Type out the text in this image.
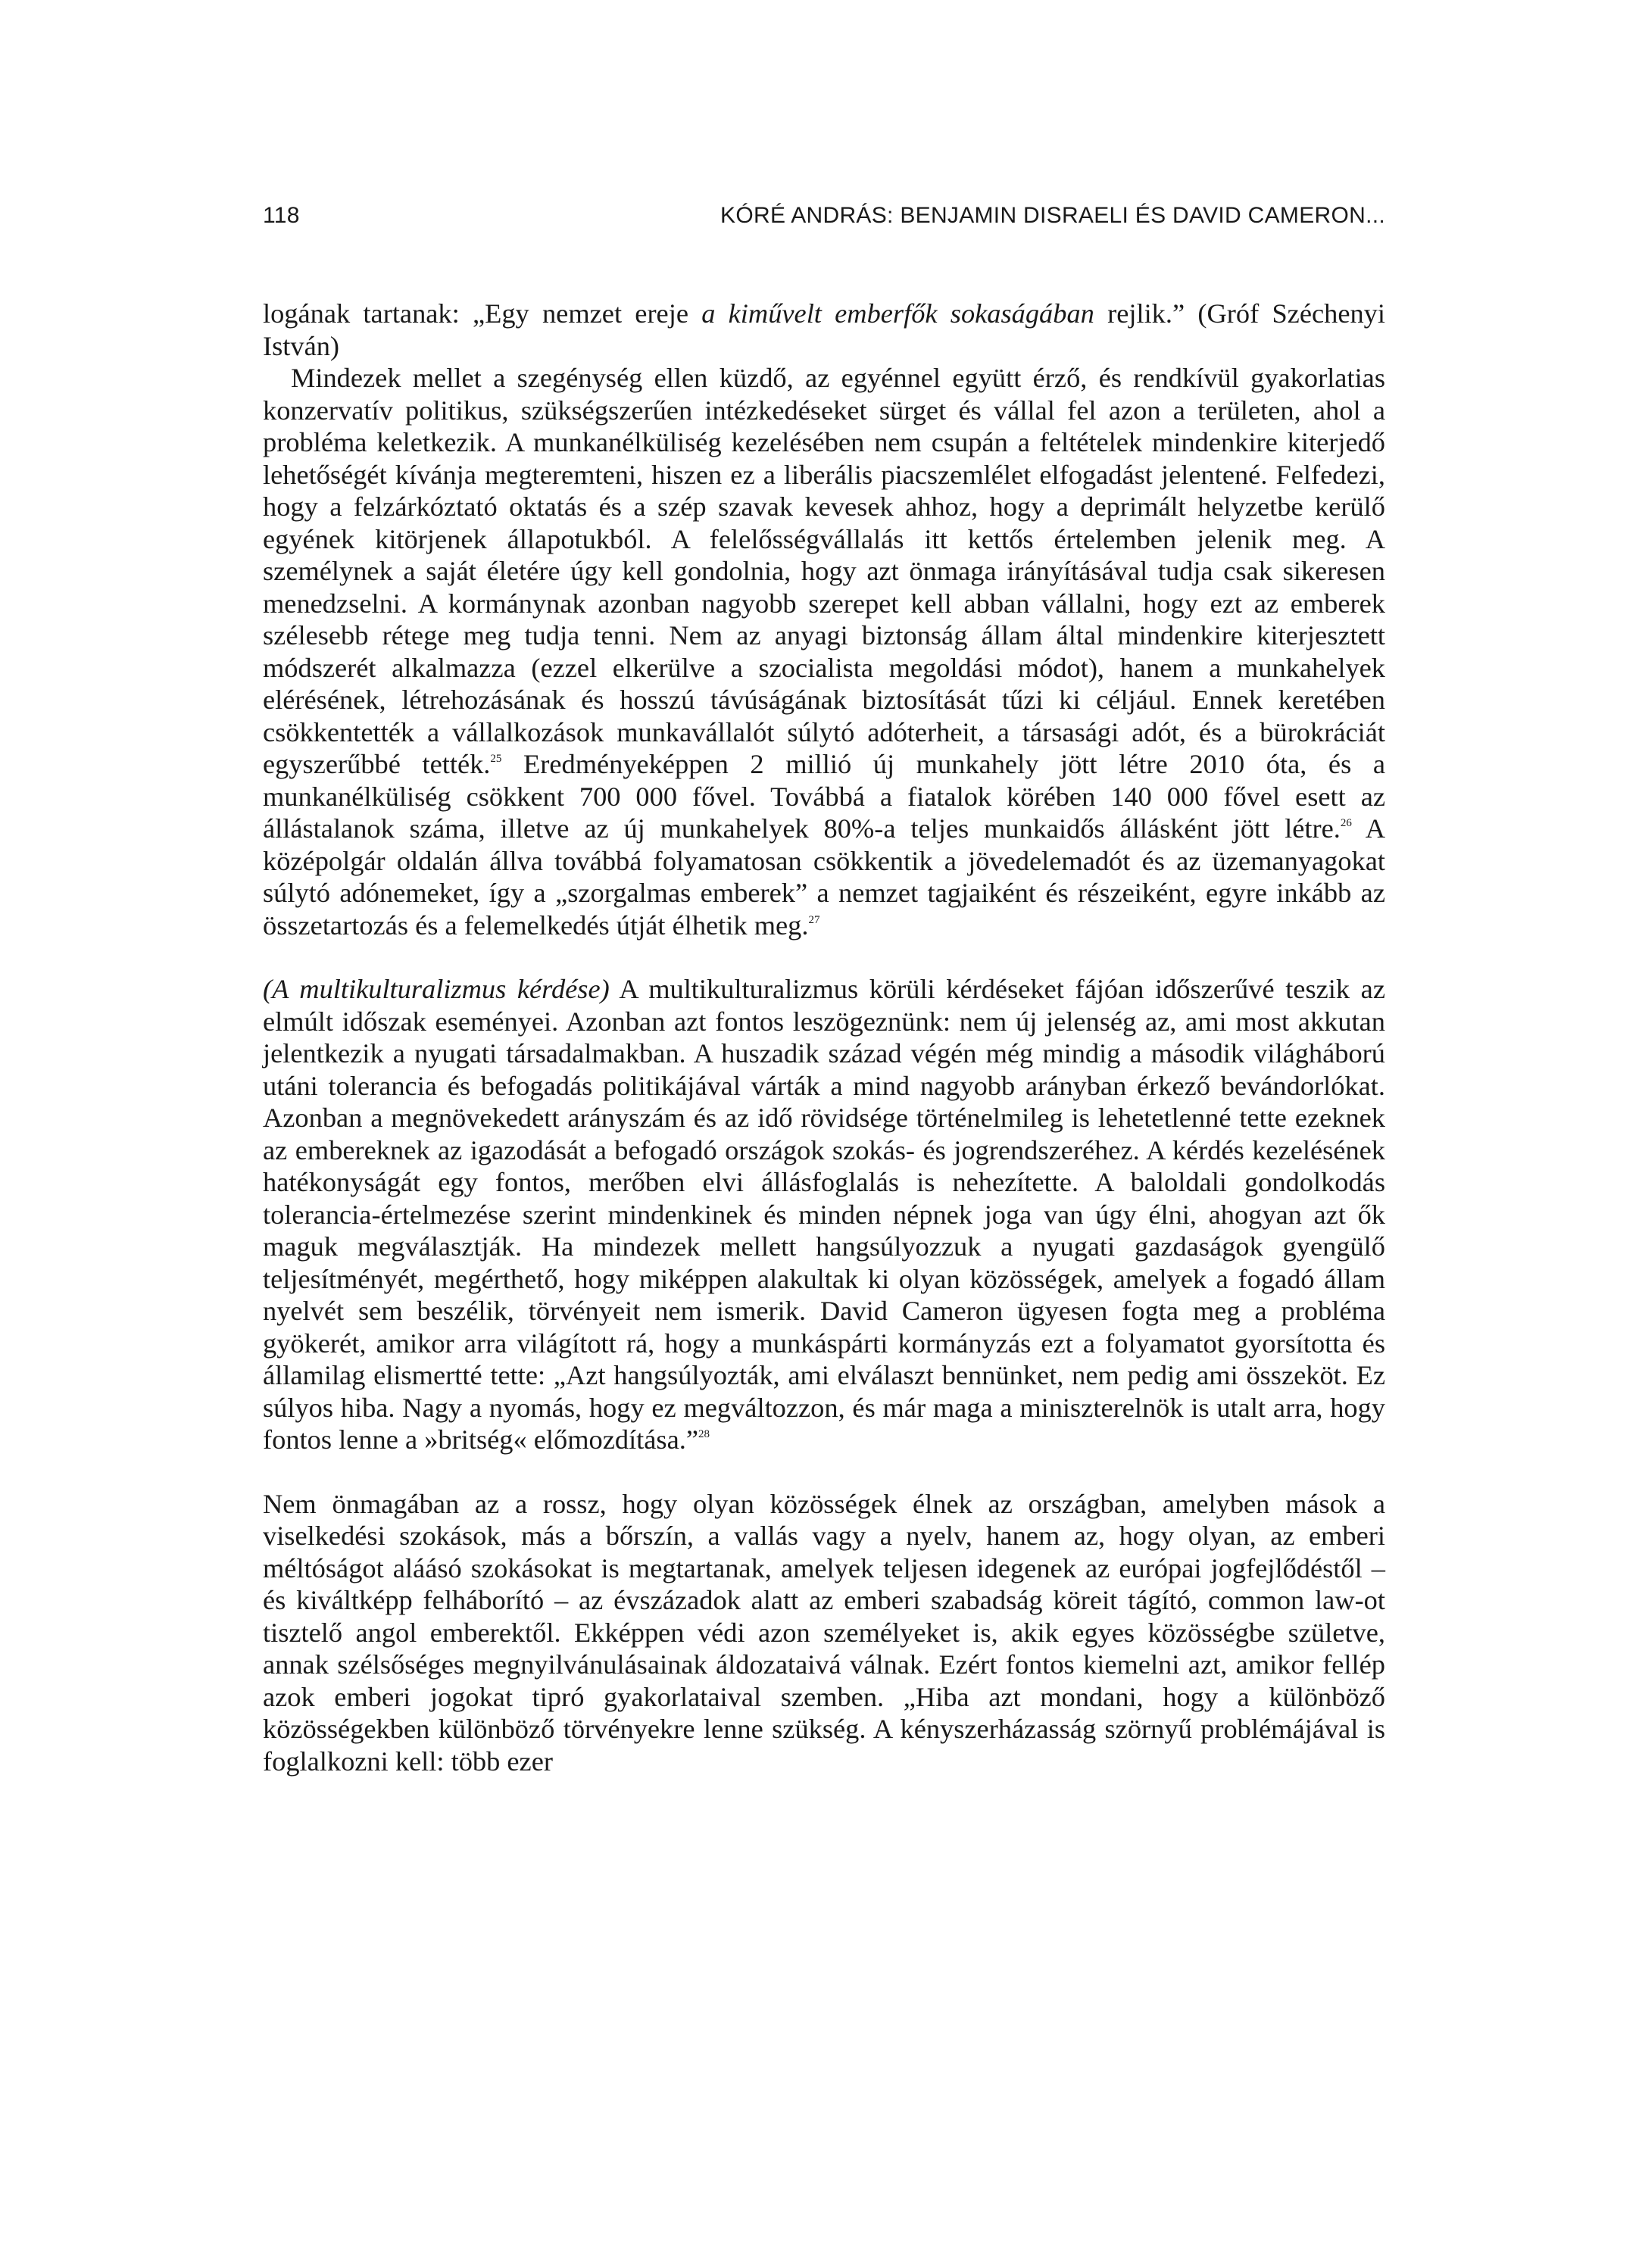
118	KÓRÉ ANDRÁS: BENJAMIN DISRAELI ÉS DAVID CAMERON...

logának tartanak: „Egy nemzet ereje a kiművelt emberfők sokaságában rejlik.” (Gróf Széchenyi István)

Mindezek mellet a szegénység ellen küzdő, az egyénnel együtt érző, és rendkívül gyakorlatias konzervatív politikus, szükségszerűen intézkedéseket sürget és vállal fel azon a területen, ahol a probléma keletkezik. A munkanélküliség kezelésében nem csupán a feltételek mindenkire kiterjedő lehetőségét kívánja megteremteni, hiszen ez a liberális piacszemlélet elfogadást jelentené. Felfedezi, hogy a felzárkóztató oktatás és a szép szavak kevesek ahhoz, hogy a deprimált helyzetbe kerülő egyének kitörjenek állapotukból. A felelősségvállalás itt kettős értelemben jelenik meg. A személynek a saját életére úgy kell gondolnia, hogy azt önmaga irányításával tudja csak sikeresen menedzselni. A kormánynak azonban nagyobb szerepet kell abban vállalni, hogy ezt az emberek szélesebb rétege meg tudja tenni. Nem az anyagi biztonság állam által mindenkire kiterjesztett módszerét alkalmazza (ezzel elkerülve a szocialista megoldási módot), hanem a munkahelyek elérésének, létrehozásának és hosszú távúságának biztosítását tűzi ki céljául. Ennek keretében csökkentették a vállalkozások munkavállalót súlytó adóterheit, a társasági adót, és a bürokráciát egyszerűbbé tették.$^{25}$ Eredményeképpen 2 millió új munkahely jött létre 2010 óta, és a munkanélküliség csökkent 700 000 fővel. Továbbá a fiatalok körében 140 000 fővel esett az állástalanok száma, illetve az új munkahelyek 80%-a teljes munkaidős állásként jött létre.$^{26}$ A középolgár oldalán állva továbbá folyamatosan csökkentik a jövedelemadót és az üzemanyagokat súlytó adónemeket, így a „szorgalmas emberek” a nemzet tagjaiként és részeiként, egyre inkább az összetartozás és a felemelkedés útját élhetik meg.$^{27}$

(A multikulturalizmus kérdése) A multikulturalizmus körüli kérdéseket fájóan időszerűvé teszik az elmúlt időszak eseményei. Azonban azt fontos leszögeznünk: nem új jelenség az, ami most akkutan jelentkezik a nyugati társadalmakban. A huszadik század végén még mindig a második világháború utáni tolerancia és befogadás politikájával várták a mind nagyobb arányban érkező bevándorlókat. Azonban a megnövekedett arányszám és az idő rövidsége történelmileg is lehetetlenné tette ezeknek az embereknek az igazodását a befogadó országok szokás- és jogrendszeréhez. A kérdés kezelésének hatékonyságát egy fontos, merőben elvi állásfoglalás is nehezítette. A baloldali gondolkodás tolerancia-értelmezése szerint mindenkinek és minden népnek joga van úgy élni, ahogyan azt ők maguk megválasztják. Ha mindezek mellett hangsúlyozzuk a nyugati gazdaságok gyengülő teljesítményét, megérthető, hogy miképpen alakultak ki olyan közösségek, amelyek a fogadó állam nyelvét sem beszélik, törvényeit nem ismerik. David Cameron ügyesen fogta meg a probléma gyökerét, amikor arra világított rá, hogy a munkáspárti kormányzás ezt a folyamatot gyorsította és államilag elismertté tette: „Azt hangsúlyozták, ami elválaszt bennünket, nem pedig ami összeköt. Ez súlyos hiba. Nagy a nyomás, hogy ez megváltozzon, és már maga a miniszterelnök is utalt arra, hogy fontos lenne a »britség« előmozdítása.”$^{28}$

Nem önmagában az a rossz, hogy olyan közösségek élnek az országban, amelyben mások a viselkedési szokások, más a bőrszín, a vallás vagy a nyelv, hanem az, hogy olyan, az emberi méltóságot aláásó szokásokat is megtartanak, amelyek teljesen idegenek az európai jogfejlődéstől – és kiváltképp felháborító – az évszázadok alatt az emberi szabadság köreit tágító, common law-ot tisztelő angol emberektől. Ekképpen védi azon személyeket is, akik egyes közösségbe születve, annak szélsőséges megnyilvánulásainak áldozataivá válnak. Ezért fontos kiemelni azt, amikor fellép azok emberi jogokat tipró gyakorlataival szemben. „Hiba azt mondani, hogy a különböző közösségekben különböző törvényekre lenne szükség. A kényszerházasság szörnyű problémájával is foglalkozni kell: több ezer
